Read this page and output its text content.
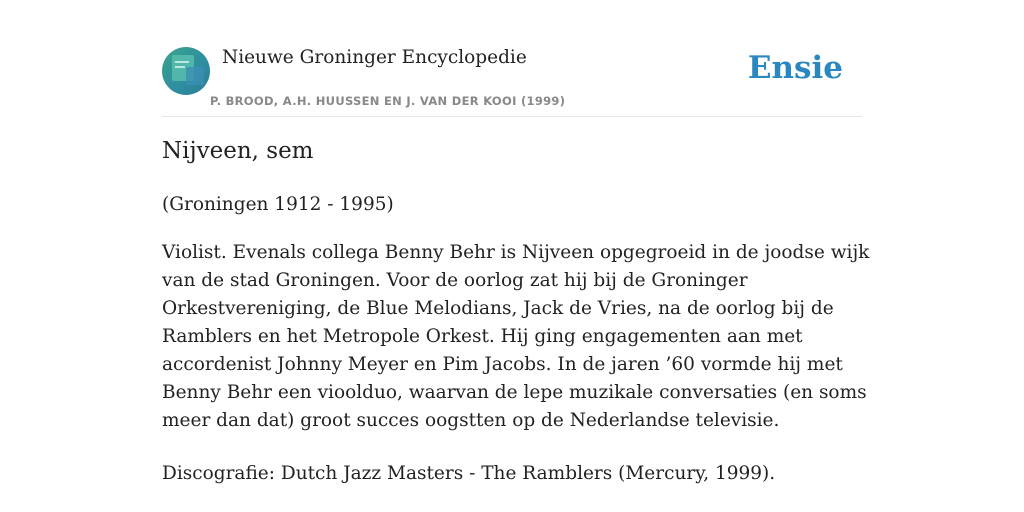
Nieuwe Groninger Encyclopedie
P. BROOD, A.H. HUUSSEN EN J. VAN DER KOOI (1999)
Ensie
Nijveen, sem

(Groningen 1912 - 1995)

Violist. Evenals collega Benny Behr is Nijveen opgegroeid in de joodse wijk van de stad Groningen. Voor de oorlog zat hij bij de Groninger Orkestvereniging, de Blue Melodians, Jack de Vries, na de oorlog bij de Ramblers en het Metropole Orkest. Hij ging engagementen aan met accordenist Johnny Meyer en Pim Jacobs. In de jaren ’60 vormde hij met Benny Behr een vioolduo, waarvan de lepe muzikale conversaties (en soms meer dan dat) groot succes oogstten op de Nederlandse televisie.

Discografie: Dutch Jazz Masters - The Ramblers (Mercury, 1999).
